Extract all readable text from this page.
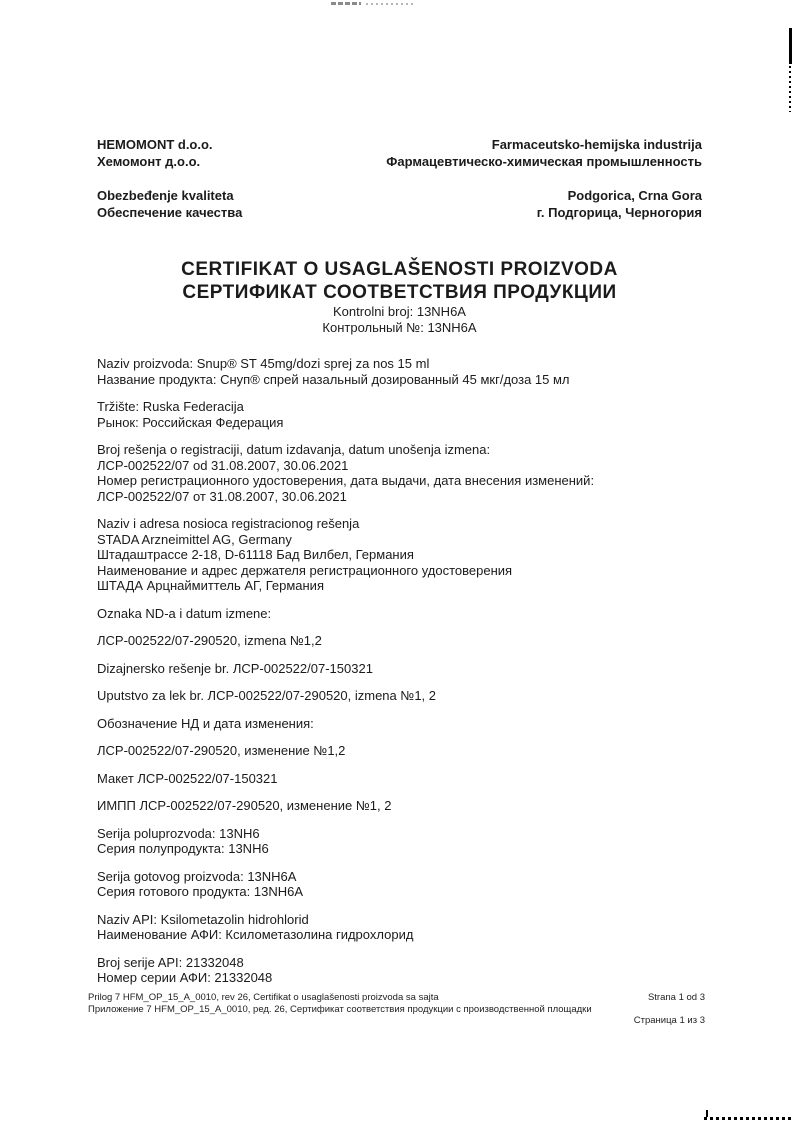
HEMOMONT d.o.o.
Хемомонт д.о.о.
Farmaceutsko-hemijska industrija
Фармацевтическо-химическая промышленность
Obezbeđenje kvaliteta
Обеспечение качества
Podgorica, Crna Gora
г. Подгорица, Черногория
CERTIFIKAT O USAGLAŠENOSTI PROIZVODA
СЕРТИФИКАТ СООТВЕТСТВИЯ ПРОДУКЦИИ
Kontrolni broj: 13NH6A
Контрольный №: 13NH6A
Naziv proizvoda: Snup® ST 45mg/dozi sprej za nos 15 ml
Название продукта: Снуп® спрей назальный дозированный 45 мкг/доза 15 мл
Tržište: Ruska Federacija
Рынок: Российская Федерация
Broj rešenja o registraciji, datum izdavanja, datum unošenja izmena:
ЛСР-002522/07 od 31.08.2007, 30.06.2021
Номер регистрационного удостоверения, дата выдачи, дата внесения изменений:
ЛСР-002522/07 от 31.08.2007, 30.06.2021
Naziv i adresa nosioca registracionog rešenja
STADA Arzneimittel AG, Germany
Штадаштрассе 2-18, D-61118 Бад Вилбел, Германия
Наименование и адрес держателя регистрационного удостоверения
ШТАДА Арцнаймиттель АГ, Германия
Oznaka ND-a i datum izmene:
ЛСР-002522/07-290520, izmena №1,2
Dizajnersko rešenje br. ЛСР-002522/07-150321
Uputstvo za lek br. ЛСР-002522/07-290520, izmena №1, 2
Обозначение НД и дата изменения:
ЛСР-002522/07-290520, изменение №1,2
Макет ЛСР-002522/07-150321
ИМПП ЛСР-002522/07-290520, изменение №1, 2
Serija poluprozvoda: 13NH6
Серия полупродукта: 13NH6
Serija gotovog proizvoda: 13NH6A
Серия готового продукта: 13NH6A
Naziv API: Ksilometazolin hidrohlorid
Наименование АФИ: Ксилометазолина гидрохлорид
Broj serije API: 21332048
Номер серии АФИ: 21332048
Prilog 7 HFM_OP_15_A_0010, rev 26, Certifikat o usaglašenosti proizvoda sa sajta	Strana 1 od 3
Приложение 7 HFM_OP_15_A_0010, ред. 26, Сертификат соответствия продукции с производственной площадки
Страница 1 из 3
